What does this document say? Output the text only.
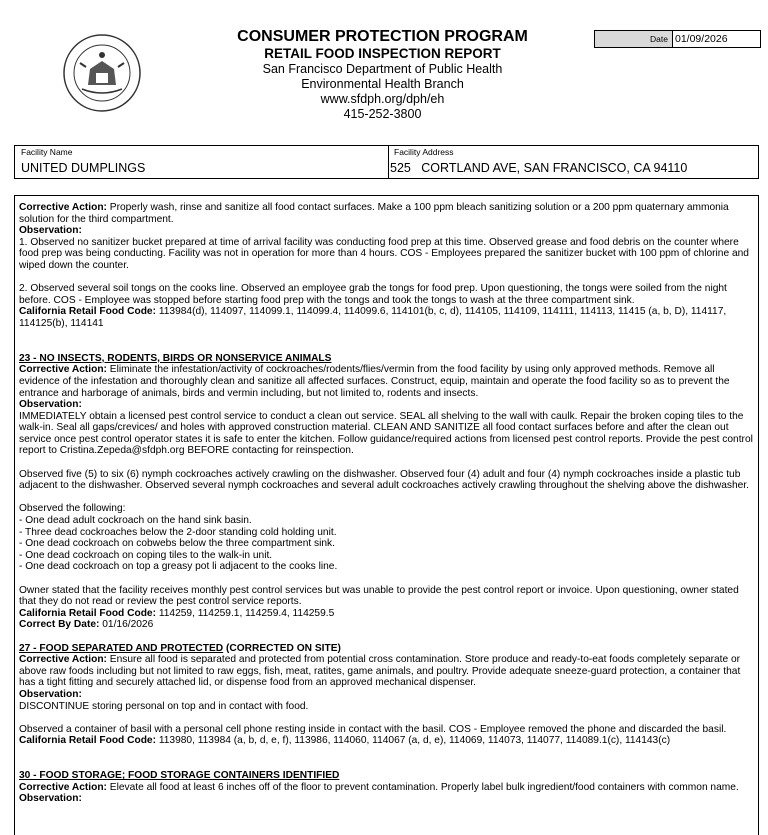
CONSUMER PROTECTION PROGRAM
RETAIL FOOD INSPECTION REPORT
San Francisco Department of Public Health
Environmental Health Branch
www.sfdph.org/dph/eh
415-252-3800
Date 01/09/2026
Facility Name
UNITED DUMPLINGS
Facility Address
525   CORTLAND AVE, SAN FRANCISCO, CA 94110

Corrective Action: Properly wash, rinse and sanitize all food contact surfaces. Make a 100 ppm bleach sanitizing solution or a 200 ppm quaternary ammonia solution for the third compartment.

Observation:

1. Observed no sanitizer bucket prepared at time of arrival facility was conducting food prep at this time. Observed grease and food debris on the counter where food prep was being conducting. Facility was not in operation for more than 4 hours. COS - Employees prepared the sanitizer bucket with 100 ppm of chlorine and wiped down the counter.

2. Observed several soil tongs on the cooks line. Observed an employee grab the tongs for food prep. Upon questioning, the tongs were soiled from the night before. COS - Employee was stopped before starting food prep with the tongs and took the tongs to wash at the three compartment sink.

California Retail Food Code: 113984(d), 114097, 114099.1, 114099.4, 114099.6, 114101(b, c, d), 114105, 114109, 114111, 114113, 11415 (a, b, D), 114117, 114125(b), 114141

23 - NO INSECTS, RODENTS, BIRDS OR NONSERVICE ANIMALS

Corrective Action: Eliminate the infestation/activity of cockroaches/rodents/flies/vermin from the food facility by using only approved methods. Remove all evidence of the infestation and thoroughly clean and sanitize all affected surfaces. Construct, equip, maintain and operate the food facility so as to prevent the entrance and harborage of animals, birds and vermin including, but not limited to, rodents and insects.

Observation:

IMMEDIATELY obtain a licensed pest control service to conduct a clean out service. SEAL all shelving to the wall with caulk. Repair the broken coping tiles to the walk-in. Seal all gaps/crevices/ and holes with approved construction material. CLEAN AND SANITIZE all food contact surfaces before and after the clean out service once pest control operator states it is safe to enter the kitchen. Follow guidance/required actions from licensed pest control reports. Provide the pest control report to Cristina.Zepeda@sfdph.org BEFORE contacting for reinspection.

Observed five (5) to six (6) nymph cockroaches actively crawling on the dishwasher. Observed four (4) adult and four (4) nymph cockroaches inside a plastic tub adjacent to the dishwasher. Observed several nymph cockroaches and several adult cockroaches actively crawling throughout the shelving above the dishwasher.

Observed the following:

- One dead adult cockroach on the hand sink basin.

- Three dead cockroaches below the 2-door standing cold holding unit.

- One dead cockroach on cobwebs below the three compartment sink.

- One dead cockroach on coping tiles to the walk-in unit.

- One dead cockroach on top a greasy pot li adjacent to the cooks line.

Owner stated that the facility receives monthly pest control services but was unable to provide the pest control report or invoice. Upon questioning, owner stated that they do not read or review the pest control service reports.

California Retail Food Code: 114259, 114259.1, 114259.4, 114259.5

Correct By Date: 01/16/2026

27 - FOOD SEPARATED AND PROTECTED (CORRECTED ON SITE)

Corrective Action: Ensure all food is separated and protected from potential cross contamination. Store produce and ready-to-eat foods completely separate or above raw foods including but not limited to raw eggs, fish, meat, ratites, game animals, and poultry. Provide adequate sneeze-guard protection, a container that has a tight fitting and securely attached lid, or dispense food from an approved mechanical dispenser.

Observation:

DISCONTINUE storing personal on top and in contact with food.

Observed a container of basil with a personal cell phone resting inside in contact with the basil. COS - Employee removed the phone and discarded the basil.

California Retail Food Code: 113980, 113984 (a, b, d, e, f), 113986, 114060, 114067 (a, d, e), 114069, 114073, 114077, 114089.1(c), 114143(c)

30 - FOOD STORAGE; FOOD STORAGE CONTAINERS IDENTIFIED

Corrective Action: Elevate all food at least 6 inches off of the floor to prevent contamination. Properly label bulk ingredient/food containers with common name.

Observation:
